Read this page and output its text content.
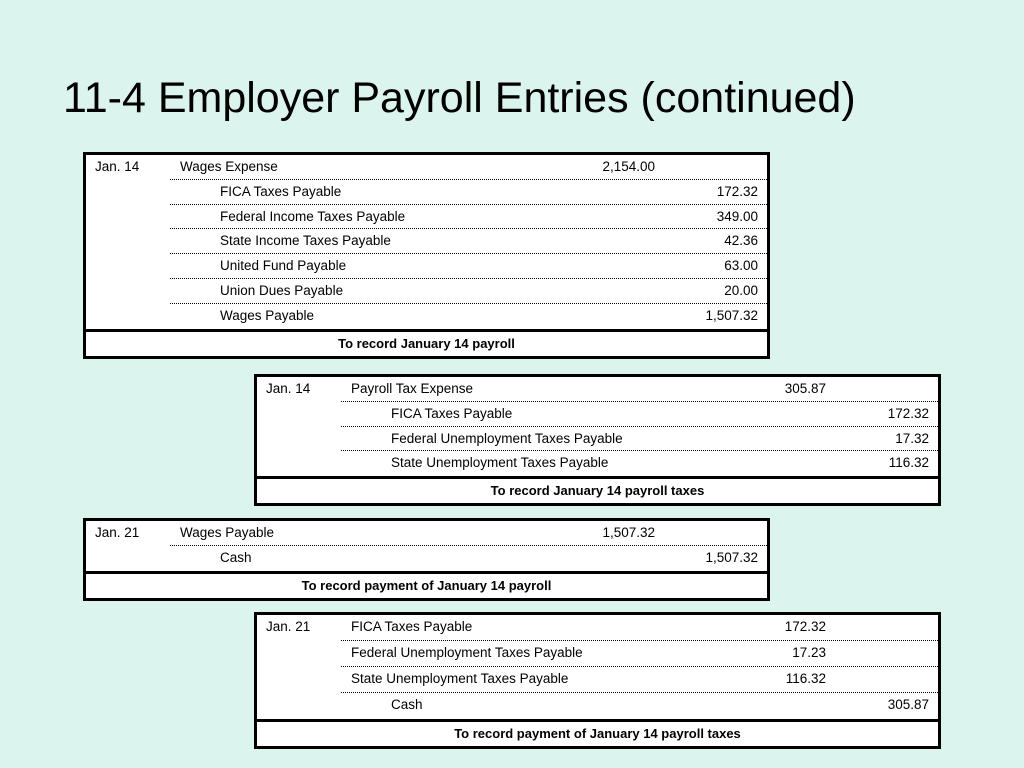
11-4 Employer Payroll Entries (continued)
Jan. 14	Wages Expense	2,154.00
FICA Taxes Payable	172.32
Federal Income Taxes Payable	349.00
State Income Taxes Payable	42.36
United Fund Payable	63.00
Union Dues Payable	20.00
Wages Payable	1,507.32
To record January 14 payroll
Jan. 14	Payroll Tax Expense	305.87
FICA Taxes Payable	172.32
Federal Unemployment Taxes Payable	17.32
State Unemployment Taxes Payable	116.32
To record January 14 payroll taxes
Jan. 21	Wages Payable	1,507.32
Cash	1,507.32
To record payment of January 14 payroll
Jan. 21	FICA Taxes Payable	172.32
Federal Unemployment Taxes Payable	17.23
State Unemployment Taxes Payable	116.32
Cash	305.87
To record payment of January 14 payroll taxes
